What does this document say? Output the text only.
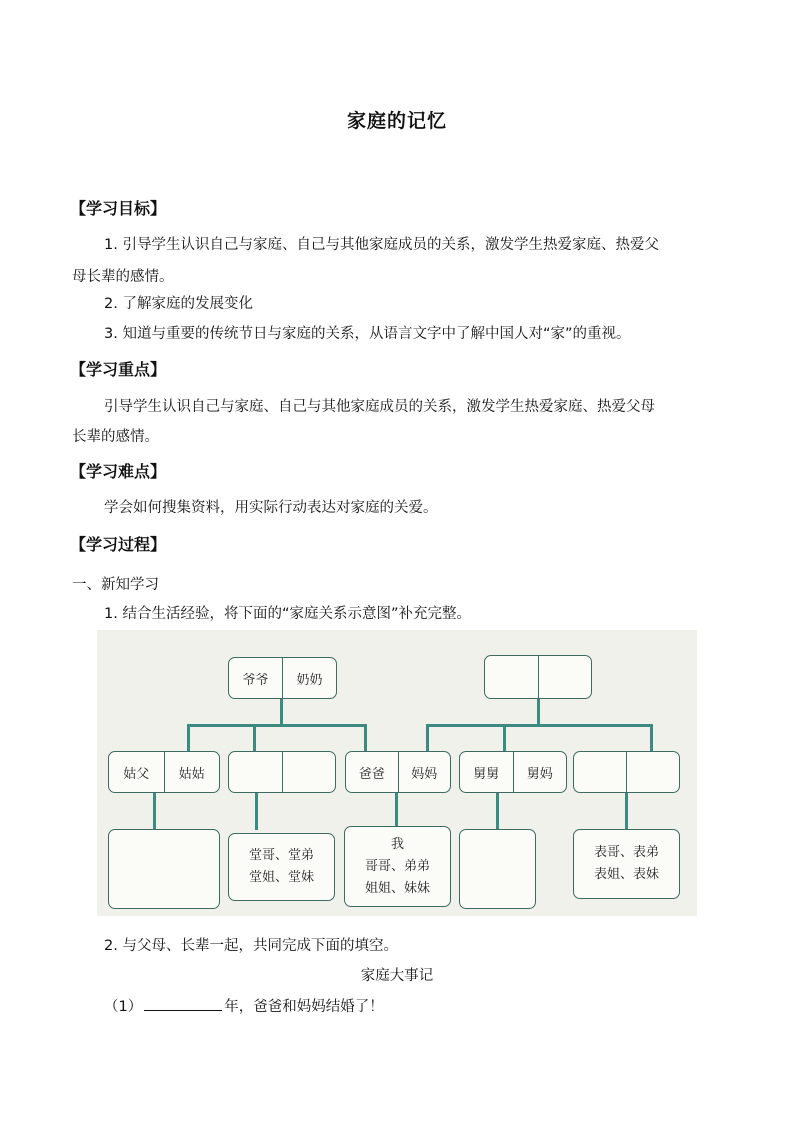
家庭的记忆
【学习目标】
1. 引导学生认识自己与家庭、自己与其他家庭成员的关系，激发学生热爱家庭、热爱父
母长辈的感情。
2. 了解家庭的发展变化
3. 知道与重要的传统节日与家庭的关系，从语言文字中了解中国人对“家”的重视。
【学习重点】
引导学生认识自己与家庭、自己与其他家庭成员的关系，激发学生热爱家庭、热爱父母
长辈的感情。
【学习难点】
学会如何搜集资料，用实际行动表达对家庭的关爱。
【学习过程】
一、新知学习
1. 结合生活经验，将下面的“家庭关系示意图”补充完整。
爷爷	奶奶
姑父	姑姑	爸爸	妈妈	舅舅	舅妈
堂哥、堂弟
堂姐、堂妹
我
哥哥、弟弟
姐姐、妹妹
表哥、表弟
表姐、表妹
2. 与父母、长辈一起，共同完成下面的填空。
家庭大事记
（1）	年，爸爸和妈妈结婚了！
